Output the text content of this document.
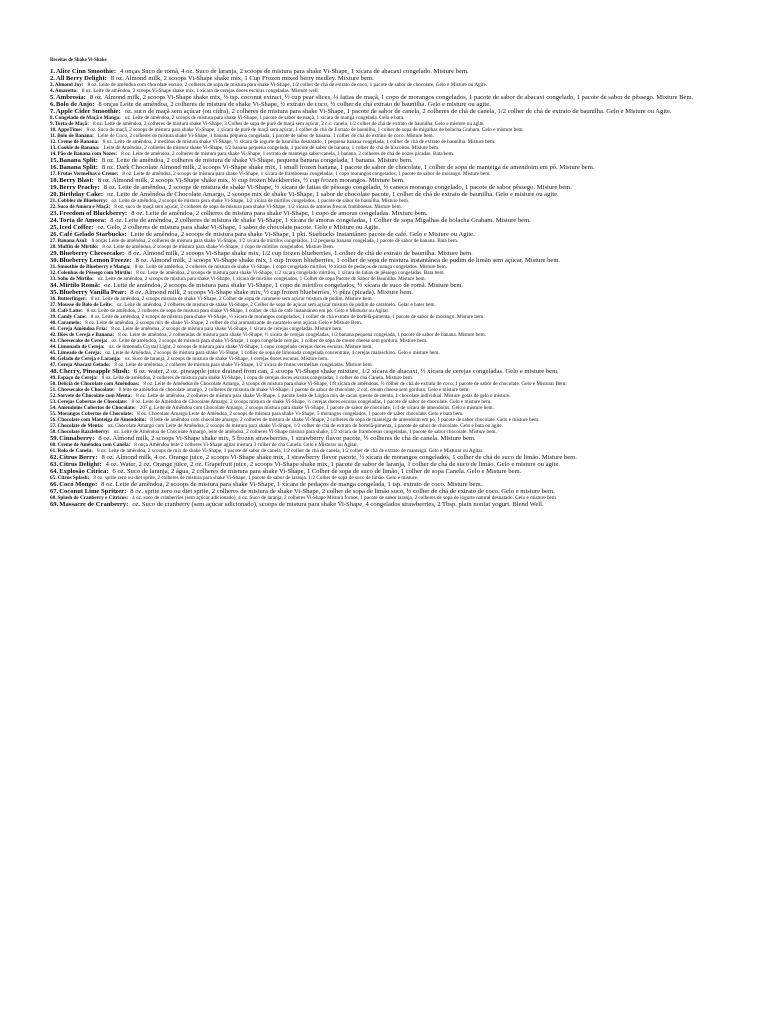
Receitas de Shake Vi-Shake
1.Alice Cinn Smoothie: 4 onças Suco de romã, 4 oz. Suco de laranja, 2 scoops de mistura para shake Vi-Shape, 1 xícara de abacaxi congelado. Misture bem.
2.All Berry Delight: 8 oz. Almond milk, 2 scoops Vi-Shape shake mix, 1 Cup Frozen mixed berry medley. Mixture bem.
3.Almond Joy: 8 oz. Leite de amêndoa com chocolate escuro, 2 colheres de sopa de mistura para shake Vi-Shape, 1/2 colher de chá de extrato de coco, 1 pacote de sabor de chocolate, Gelo e Misture ou Agite.
4.Amaretto: 8 oz. Leite de amêndoa, 2 scoops Vi-Shape shake mix, 1 xícara de cerejas doces escuras congeladas. Misture well.
5.Ambrosia: 8 oz. Almond milk, 2 scoops Vi-Shape shake mix, ½ tsp. coconut extract, ½ cup pear slices, ¼ fatias de maçã, 1 copo de morangos congelados, 1 pacote de sabor de abacaxi congelado, 1 pacote de sabor de pêssego. Mixture Bem.
6.Bolo de Anjo: 8 onças Leite de amêndoa, 2 colheres de mistura de shake Vi-Shape, ½ extrato de coco, ½ colher de chá extrato de baunilha. Gelo e misture ou agite.
7.Apple Cider Smoothie: oz. suco de maçã sem açúcar (ou cidra), 2 colheres de mistura para shake Vi-Shape, 1 pacote de sabor de canela, 2 colheres de chá de canela, 1/2 colher de chá de extrato de baunilha. Gelo e Misture ou Agite.
8.Congelado de Maçã e Manga: oz. Leite de amêndoa, 2 scoops de mistura para shake Vi-Shape, 1 pacote de sabor de maçã, 1 xícara de manga congelada. Gelo e bata.
9.Torta de Maçã: 8 oz. Leite de amêndoa, 2 colheres de mistura shake Vi-Shape, 3 Colher de sopa de purê de maçã sem açúcar, 2 c.c. canela, 1/2 colher de chá de extrato de baunilha. Gelo e misture ou agite.
10.AppeTime: 8 oz. Suco de maçã, 2 scoops de mistura para shake Vi-Shape, 1 xícara de purê de maçã sem açúcar, 1 colher de chá de Extrato de baunilha, 1 colher de sopa de migalhas de bolacha Graham. Gelo e misture bem.
11.Bolo de Banana: Leite de Coco, 2 colheres de mistura shake Vi-Shape, 1 banana pequena congelada, 1 pacote de sabor de banana, 1 colher de chá de extrato de coco. Misture bem.
12.Creme de Banana: 8 oz. Leite de amêndoa, 2 medidas de mistura shake Vi-Shape, ½ xícara de iogurte de baunilha desnatado, 1 pequena banana congelada, 1 colher de chá de extrato de baunilha. Misture bem.
13.Cookie de Banana: Leite de Amêndoa, 2 colheres de mistura shake Vi-Shape, 1/2 banana pequena congelada, 1 pacote de sabor de banana, 1 colher de chá de biscoitos. Misture bem.
14.Pão de Banana com Nozes: 8 oz. Leite de amêndoa, 2 colheres de mistura para shake Vi-Shape, 1 extrato de manteiga sabor/canela, 1 banana, 2 colheres de chá de nozes picadas. Bata bem.
15.Banana Split: 8 oz. Leite de amêndoa, 2 colheres de mistura de shake Vi-Shape, pequena banana congelada, 1 banana. Misture bem.
16.Banana Split: 8 oz. Dark Chocolate Almond milk, 2 scoops Vi-Shape shake mix, 1 small frozen banana, 1 pacote de sabor de chocolate, 1 colher de sopa de manteiga de amendoim em pó. Misture bem.
17.Frutas Vermelhas e Creme: 8 oz. Leite de amêndoa, 2 scoops de mistura para shake Vi-Shape, 1 xícara de framboesas congeladas, 1 copo morangos congelados, 1 pacote de sabor de morango. Misture bem.
18.Berry Blast: 8 oz. Almond milk, 2 scoops Vi-Shape shake mix, ½ cup frozen blackberries, ½ cup frozen morangos. Mixture bem.
19.Berry Peachy: 8 oz. Leite de amêndoa, 2 scoops de mistura de shake Vi-Shape, ½ xícara de fatias de pêssego congelado, ½ caneca morango congelado, 1 pacote de sabor pêssego. Misture bem.
20.Birthday Cake: oz. Leite de Amêndoa de Chocolate Amargo, 2 scoops mix de shake Vi-Shape, 1 sabor de chocolate pacote, 1 colher de chá de extrato de baunilha. Gelo e misture ou agite.
21.Cobbler de Blueberry: oz. Leite de amêndoa, 2 scoops de mistura para shake Vi-Shape, 1/2 xícara de mirtilos congelados, 1 pacote de sabor de baunilha. Misture bem.
22.Suco de Amora e Maçã: 8 oz. suco de maçã sem açúcar, 2 colheres de sopa de mistura para shake Vi-Shape, 1/2 xícara de amoras frescas framboesas. Misture bem.
23.Freedom of Blackberry: 8 oz. Leite de amêndoa, 2 colheres de mistura para shake Vi-Shape, 1 copo de amoras congeladas. Mixture bem.
24.Torta de Amora: 8 oz. Leite de amêndoa, 2 colheres de mistura de shake Vi-Shape, 1 xícara de amoras congeladas, 1 Colher de sopa Migalhas de bolacha Graham. Misture bem.
25.Iced Coffee: oz. Gelo, 2 colheres de mistura para shake Vi-Shape, 1 sabor de chocolate pacote. Gelo e Misture ou Agite.
26.Café Gelado Starbucks: Leite de amêndoa, 2 scoops de mistura para shake Vi-Shape, 1 pkt. Starbucks Instantâneo pacote de café. Gelo e Misture ou Agite.
27.Banana Azul: 8 onças Leite de amêndoa, 2 colheres de mistura para shake Vi-Shape, 1/2 xícara de mirtilos congelados, 1/2 pequena banana congelada, 1 pacote de sabor de banana. Bata bem.
28.Muffin de Mirtilo: 8 oz. Leite de amêndoa, 2 scoops de mistura para shake Vi-Shape, 1 copo de mirtilos congelados. Misture Bem.
29.Blueberry Cheesecake: 8 oz. Almond milk, 2 scoops Vi-Shape shake mix, 1/2 cup frozen blueberries, 1 colher de chá de extrato de baunilha. Misture bem.
30.Blueberry Lemon Freeze: 8 oz. Almond milk, 2 scoops Vi-Shape shake mix, 1 cup frozen blueberries, 1 colher de sopa de mistura instantânea de pudim de limão sem açúcar. Misture bem.
31.Smoothie de Blueberry e Manga: 8 oz. Leite de amêndoa, 2 colheres de mistura de shake Vi-Shape, 1 copo congelado mirtilos, ½ xícara de pedaços de manga congelados. Misture bem.
32.Colenhas de Pêssego com Mirtilo: 8 oz. Leite de amêndoa, 2 scoops de mistura para shake Vi-Shape, 1/2 xícara congelado mirtilos, 1 xícara de fatias de pêssego congeladas. Bata bem.
33.Soho de Mirtilo: oz. Leite de amêndoa, 2 scoops de mistura para shake Vi-Shape, 1 xícara de mirtilos congelados, 1 Colher de sopa Pacote de Sabor de Baunilha. Misture bem.
34.Mirtilo Romã: oz. Leite de amêndoa, 2 scoops de mistura para shake Vi-Shape, 1 copo de mirtilos congelados, ½ xícara de suco de romã. Misture bem.
35.Blueberry Vanilla Pear: 8 oz. Almond milk, 2 scoops Vi-Shape shake mix, ½ cup frozen blueberries, ½ pêra (picada). Mixture bem.
36.Butterfinger: 8 oz. Leite de amêndoa, 2 scoops mistura de shake Vi-Shape, 2 Colher de sopa de caramelo sem açúcar mistura de pudim. Misture bem.
37.Mousse de Bolo de Leite: oz. Leite de amêndoa, 2 colheres de mistura de shake Vi-Shape, 2 Colher de sopa de açúcar sem açúcar mistura de pudim de caramelo. Gelar e bater bem.
38.Café Latte: 8 oz. Leite de amêndoa, 2 colheres de sopa de mistura para shake Vi-Shape, 1 colher de chá de café instantâneo em pó. Gelo e Misturar ou Agitar.
39.Candy Cane: 8 oz. Leite de amêndoa, 2 scoops de mistura para shake Vi-Shape, ½ xícara de morangos congelados, 1 colher de chá extrato de hortelã-pimenta, 1 pacote de sabor de morango. Misture bem.
40.Caramelo: 8 oz. Leite de amêndoa, 2 scoops mix de shake Vi-Shape, 2 colher de chá aromatizante de caramelo sem açúcar. Gelo e Misture Bem.
41.Cereja Amêndoa Fria: 8 oz. Leite de amêndoa, 2 scoops de mistura para shake Vi-Shape, 1 xícara de cerejas congeladas. Misture bem.
42.Ilões de Cereja e Banana: 8 oz. Leite de amêndoa, 2 colheradas de mistura para shake Vi-Shape, ½ xícara de cerejas congeladas, 1/2 banana pequena congelada, 1 pacote de sabor de banana. Misture bem.
43.Cheesecake de Cereja: oz. Leite de amêndoa, 2 scoops de mistura para shake Vi-Shape, 1 copo congelado cerejas, 1 colher de sopa de creme cheese sem gordura. Misture bem.
44.Limonada de Cereja: oz. de limonada Crystal Light, 2 scoops de mistura para shake Vi-Shape, 1 copo congelado cerejas doces escuras. Misture bem.
45.Limeade de Cereja: oz. Leite de Amêndoa, 2 scoops de mistura para shake Vi-Shape, 1 colher de sopa de limonada congelada concentrate, 4 cerejas maraschino. Gelo e misture bem.
46.Gelado de Cereja e Laranja: oz. Suco de laranja, 2 scoops de mistura de shake Vi-Shape, 1 cerejas doces escuras. Misture bem.
47.Cereja Abacaxi Gelado: 8 oz. Leite de amêndoa, 2 colheres de mistura para shake Vi-Shape, 1/2 xícara de frutas vermelhas congeladas. Misture bem.
48.Cherry, Pineapple Slush: 8 oz. water, 2 oz. pineapple juice drained from can, 2 scoops Vi-Shape shake mixture, 1/2 xícara de abacaxi, ½ xícara de cerejas congeladas. Gelo e misture bem.
49.Espaço de Cereja: 8 oz. Leite de amêndoa, 2 colheres de mistura para shake Vi-Shape, 1 copo de cerejas doces escuras congeladas, 1 colher de chá Canela. Misture bem.
50.Delícia de Chocolate com Amêndoas: 8 oz. Leite de Amêndoa de Chocolate Amargo, 2 scoops de mistura para shake Vi-Shape, 1/8 xícara de amêndoas, ½ colher de chá de extrato de coco, 1 pacote de sabor de chocolate. Gelo e Misturar Bem.
51.Cheesecake de Chocolate: 8 leite de amêndoa de chocolate amargo, 2 colheres de mistura de shake Vi-Shape, 1 pacote de sabor de chocolate, 2 col. cream cheese sem gordura. Gelo e misture bem.
52.Sorvete de Chocolate com Menta: 8 oz. Leite de amêndoa, 2 colheres de mistura para shake Vi-Shape, 1 pacote Leite de Lógica mix de cacau quente de menta, 1 chocolate individual. Misture gotas de gelo e misture.
53.Cerejas Cobertas de Chocolate: 8 oz. Leite de Amêndoa de Chocolate Amargo, 2 scoops mistura de shake Vi-Shape, ½ cerejas doces escuras congeladas, 1 pacote de sabor de chocolate. Gelo e misture bem.
54.Amendoins Cobertos de Chocolate: 207 g. Leite de Amêndoa com Chocolate Amargo, 2 scoops mistura para shake Vi-Shape, 1 pacote de sabor de chocolate, 1/4 de xícara de amendoins. Gelo e misture bem.
55.Morangos Cobertos de Chocolate: 8 oz. Chocolate Amargo Leite de Amêndoa, 2 scoops de mistura para shake Vi-Shape, 5 morangos congelados, 1 pacote de sabor chocolate. Gelo e bata bem.
56.Chocolate com Manteiga de Amendoim: 8 leite de amêndoa com chocolate amargo, 2 colheres de mistura de shake Vi-Shape, 2 colheres de sopa de manteiga de amendoim em pó, 1 pacote de sabor chocolate. Gelo e misture bem.
57.Chocolate de Menta: oz. Chocolate Amargo com Leite de Amêndoa, 2 scoops de mistura para shake Vi-Shape, 1/2 colher de chá de extrato de hortelã-pimenta, 1 pacote de sabor de chocolate. Gelo e bata ou agite.
58.Chocolate Razzleberry: oz. Leite de Amêndoa de Chocolate Amargo, leite de amêndoa, 2 colheres Vi-Shape mistura para shake, 1/2 xícara de framboesas congeladas, 1 pacote de sabor chocolate. Misture bem.
59.Cinnaberry: 8 oz. Almond milk, 2 scoops Vi-Shape shake mix, 5 frozen strawberries, 1 strawberry flavor pacote, ½ colheres de chá de canela. Misture bem.
60.Creme de Amêndoa com Canela: 8 onça Amêndoa leite 2 colheres Vi-Shape agitar mistura 3 colher de chá Canela. Gelo e Misturar ou Agitar.
61.Rolo de Canela: 8 oz. Leite de amêndoa, 2 scoops de mix de shake Vi-Shape, 1 pacote de sabor de canela, 1/2 colher de chá de canela, 1/2 colher de chá de extrato de manteiga. Gelo e Misturar ou Agitar.
62.Citrus Berry: 8 oz. Almond milk, 4 oz. Orange juice, 2 scoops Vi-Shape shake mix, 1 strawberry flavor pacote, ½ xícara de morangos congelados, 1 colher de chá de suco de limão. Misture bem.
63.Citrus Delight: 4 oz. Water, 2 oz. Orange juice, 2 oz. Grapefruit juice, 2 scoops Vi-Shape shake mix, 1 pacote de sabor de laranja, 1 colher de chá de suco de limão. Gelo e misture ou agite.
64.Explosão Cítrica: 6 oz. Suco de laranja, 2 água, 2 colheres de mistura para shake Vi-Shape, 1 Colher de sopa de suco de limão, 1 colher de sopa Canela. Gelo e Misture bem.
65.Citrus Splash: 8 oz. sprite zero ou diet sprite, 2 colheres de mistura para shake Vi-Shape, 1 pacote de sabor de laranja. 1/2 Colher de sopa de suco de limão. Gelo e misture.
66.Coco Mongo: 8 oz. Leite de amêndoa, 2 scoops de mistura para shake Vi-Shape, 1 xícara de pedaços de manga congelada, 1 tsp. extrato de coco. Misture bem.
67.Coconut Lime Spritzer: 8 oz. sprite zero ou diet sprite, 2 colheres de mistura de shake Vi-Shape, 2 colher de sopa de limão suco, ½ colher de chá de extrato de coco. Gelo e misture bem.
68.Splash de Cranberry e Cítricos: 4 oz. suco de cranberries (sem açúcar adicionado), 4 oz. Suco de laranja, 2 colheres Vi-Shape Mistura fornos, 1 pacote de sabor laranja, 2 colheres de sopa de iogurte natural desnatado. Gelo e misture bem.
69.Massacre de Cranberry: oz. Suco de cranberry (sem açúcar adicionado), scoops de mistura para shake Vi-Shape, 4 congelados strawberries, 2 Tbsp. plain nonfat yogurt. Blend Well.
